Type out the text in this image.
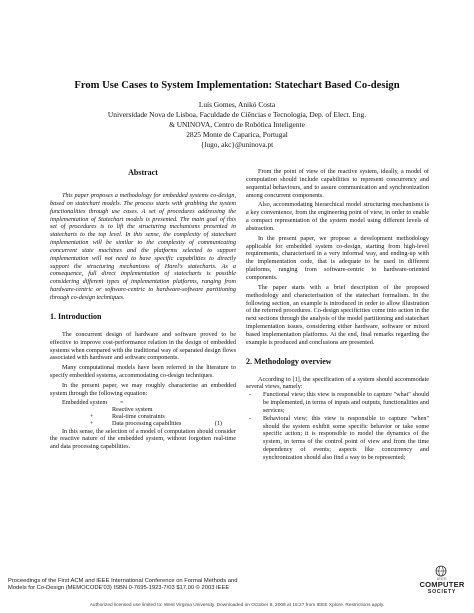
From Use Cases to System Implementation: Statechart Based Co-design
Luís Gomes, Anikó Costa
Universidade Nova de Lisboa, Faculdade de Ciências e Tecnologia, Dep. of Elect. Eng.
& UNINOVA, Centro de Robótica Inteligente
2825 Monte de Caparica, Portugal
{lugo, akc}@uninova.pt
Abstract

This paper proposes a methodology for embedded systems co-design, based on statechart models. The process starts with grabbing the system functionalities through use cases. A set of procedures addressing the implementation of Statechart models is presented. The main goal of this set of procedures is to lift the structuring mechanisms presented in statecharts to the top level. In this sense, the complexity of statechart implementation will be similar to the complexity of communicating concurrent state machines and the platforms selected to support implementation will not need to have specific capabilities to directly support the structuring mechanisms of Harel's statecharts. As a consequence, full direct implementation of statecharts is possible considering different types of implementation platforms, ranging from hardware-centric or software-centric to hardware-software partitioning through co-design techniques.

1. Introduction

The concurrent design of hardware and software proved to be effective to improve cost-performance relation in the design of embedded systems when compared with the traditional way of separated design flows associated with hardware and software components.

Many computational models have been referred in the literature to specify embedded systems, accommodating co-design techniques.

In the present paper, we may roughly characterise an embedded system through the following equation:

Embedded system =
Reactive system
+	Real-time constraints
+	Data processing capabilities	(1)

In this sense, the selection of a model of computation should consider the reactive nature of the embedded system, without forgotten real-time and data processing capabilities.

From the point of view of the reactive system, ideally, a model of computation should include capabilities to represent concurrency and sequential behaviours, and to assure communication and synchronization among concurrent components.

Also, accommodating hierarchical model structuring mechanisms is a key convenience, from the engineering point of view, in order to enable a compact representation of the system model using different levels of abstraction.

In the present paper, we propose a development methodology applicable for embedded system co-design, starting from high-level requirements, characterised in a very informal way, and ending-up with the implementation code, that is adequate to be used in different platforms, ranging from software-centric to hardware-oriented components.

The paper starts with a brief description of the proposed methodology and characterisation of the statechart formalism. In the following section, an example is introduced in order to allow illustration of the referred procedures. Co-design specificities come into action in the next sections through the analysis of the model partitioning and statechart implementation issues, considering either hardware, software or mixed based implementation platforms. At the end, final remarks regarding the example is produced and conclusions are presented.

2. Methodology overview

According to [1], the specification of a system should accommodate several views, namely:

- Functional view; this view is responsible to capture "what" should be implemented, in terms of inputs and outputs, functionalities and services;
- Behavioral view; this view is responsible to capture "when" should the system exhibit some specific behavior or take some specific action; it is responsible to model the dynamics of the system, in terms of the control point of view and from the time dependency of events; aspects like concurrency and synchronization should also find a way to be represented;
Proceedings of the First ACM and IEEE International Conference on Formal Methods and
Models for Co-Design (MEMOCODE'03) ISBN 0-7695-1923-7/03 $17.00 © 2003 IEEE
IEEE
COMPUTER
SOCIETY
Authorized licensed use limited to: West Virginia University. Downloaded on October 8, 2008 at 15:27 from IEEE Xplore. Restrictions apply.
